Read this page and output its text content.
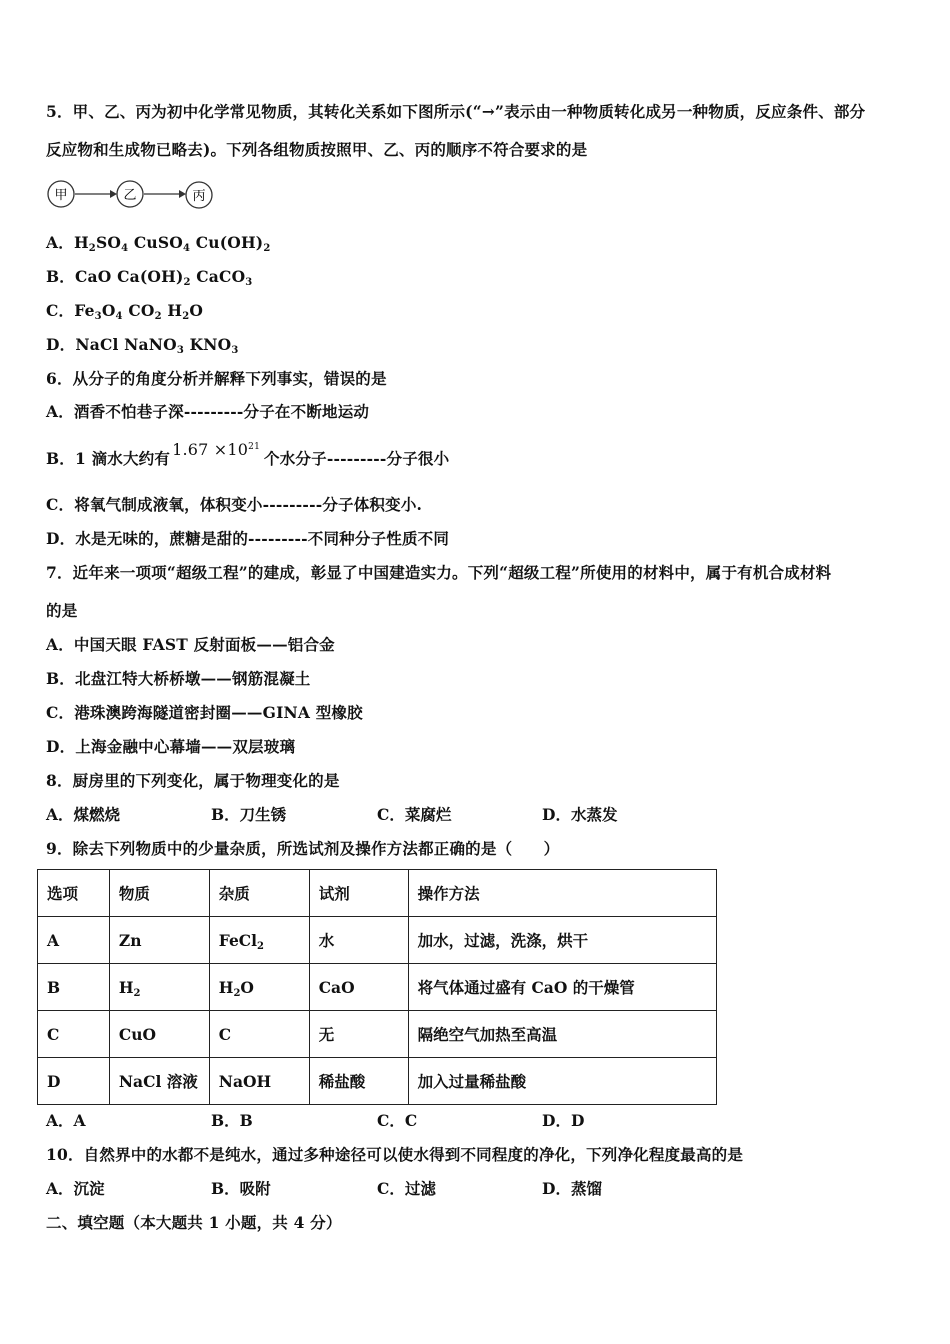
5．甲、乙、丙为初中化学常见物质，其转化关系如下图所示(“→”表示由一种物质转化成另一种物质，反应条件、部分
反应物和生成物已略去)。下列各组物质按照甲、乙、丙的顺序不符合要求的是
甲	乙	丙
A．$H_2SO_4$ CuSO$_4$ $Cu(OH)_2$
B．CaO $Ca(OH)_2$ CaCO$_3$
C．$Fe_3O_4$ $CO_2$ $H_2O$
D．NaCl NaNO$_3$ $KNO_3$
6．从分子的角度分析并解释下列事实，错误的是
A．酒香不怕巷子深---------分子在不断地运动
B．1 滴水大约有 $1.67 \times 10^{21}$个水分子---------分子很小
C．将氧气制成液氧，体积变小---------分子体积变小.
D．水是无味的，蔗糖是甜的---------不同种分子性质不同
7．近年来一项项“超级工程”的建成，彰显了中国建造实力。下列“超级工程”所使用的材料中，属于有机合成材料
的是
A．中国天眼 FAST 反射面板——铝合金
B．北盘江特大桥桥墩——钢筋混凝土
C．港珠澳跨海隧道密封圈——GINA 型橡胶
D．上海金融中心幕墙——双层玻璃
8．厨房里的下列变化，属于物理变化的是
A．煤燃烧	B．刀生锈	C．菜腐烂	D．水蒸发
9．除去下列物质中的少量杂质，所选试剂及操作方法都正确的是（　　）
选项	物质	杂质	试剂	操作方法
A	Zn	FeCl$_2$	水	加水，过滤，洗涤，烘干
B	$H_2$	$H_2O$	CaO	将气体通过盛有 CaO 的干燥管
C	CuO	C	无	隔绝空气加热至高温
D	NaCl 溶液	NaOH	稀盐酸	加入过量稀盐酸
A．A	B．B	C．C	D．D
10．自然界中的水都不是纯水，通过多种途径可以使水得到不同程度的净化，下列净化程度最高的是
A．沉淀	B．吸附	C．过滤	D．蒸馏
二、填空题（本大题共 1 小题，共 4 分）
